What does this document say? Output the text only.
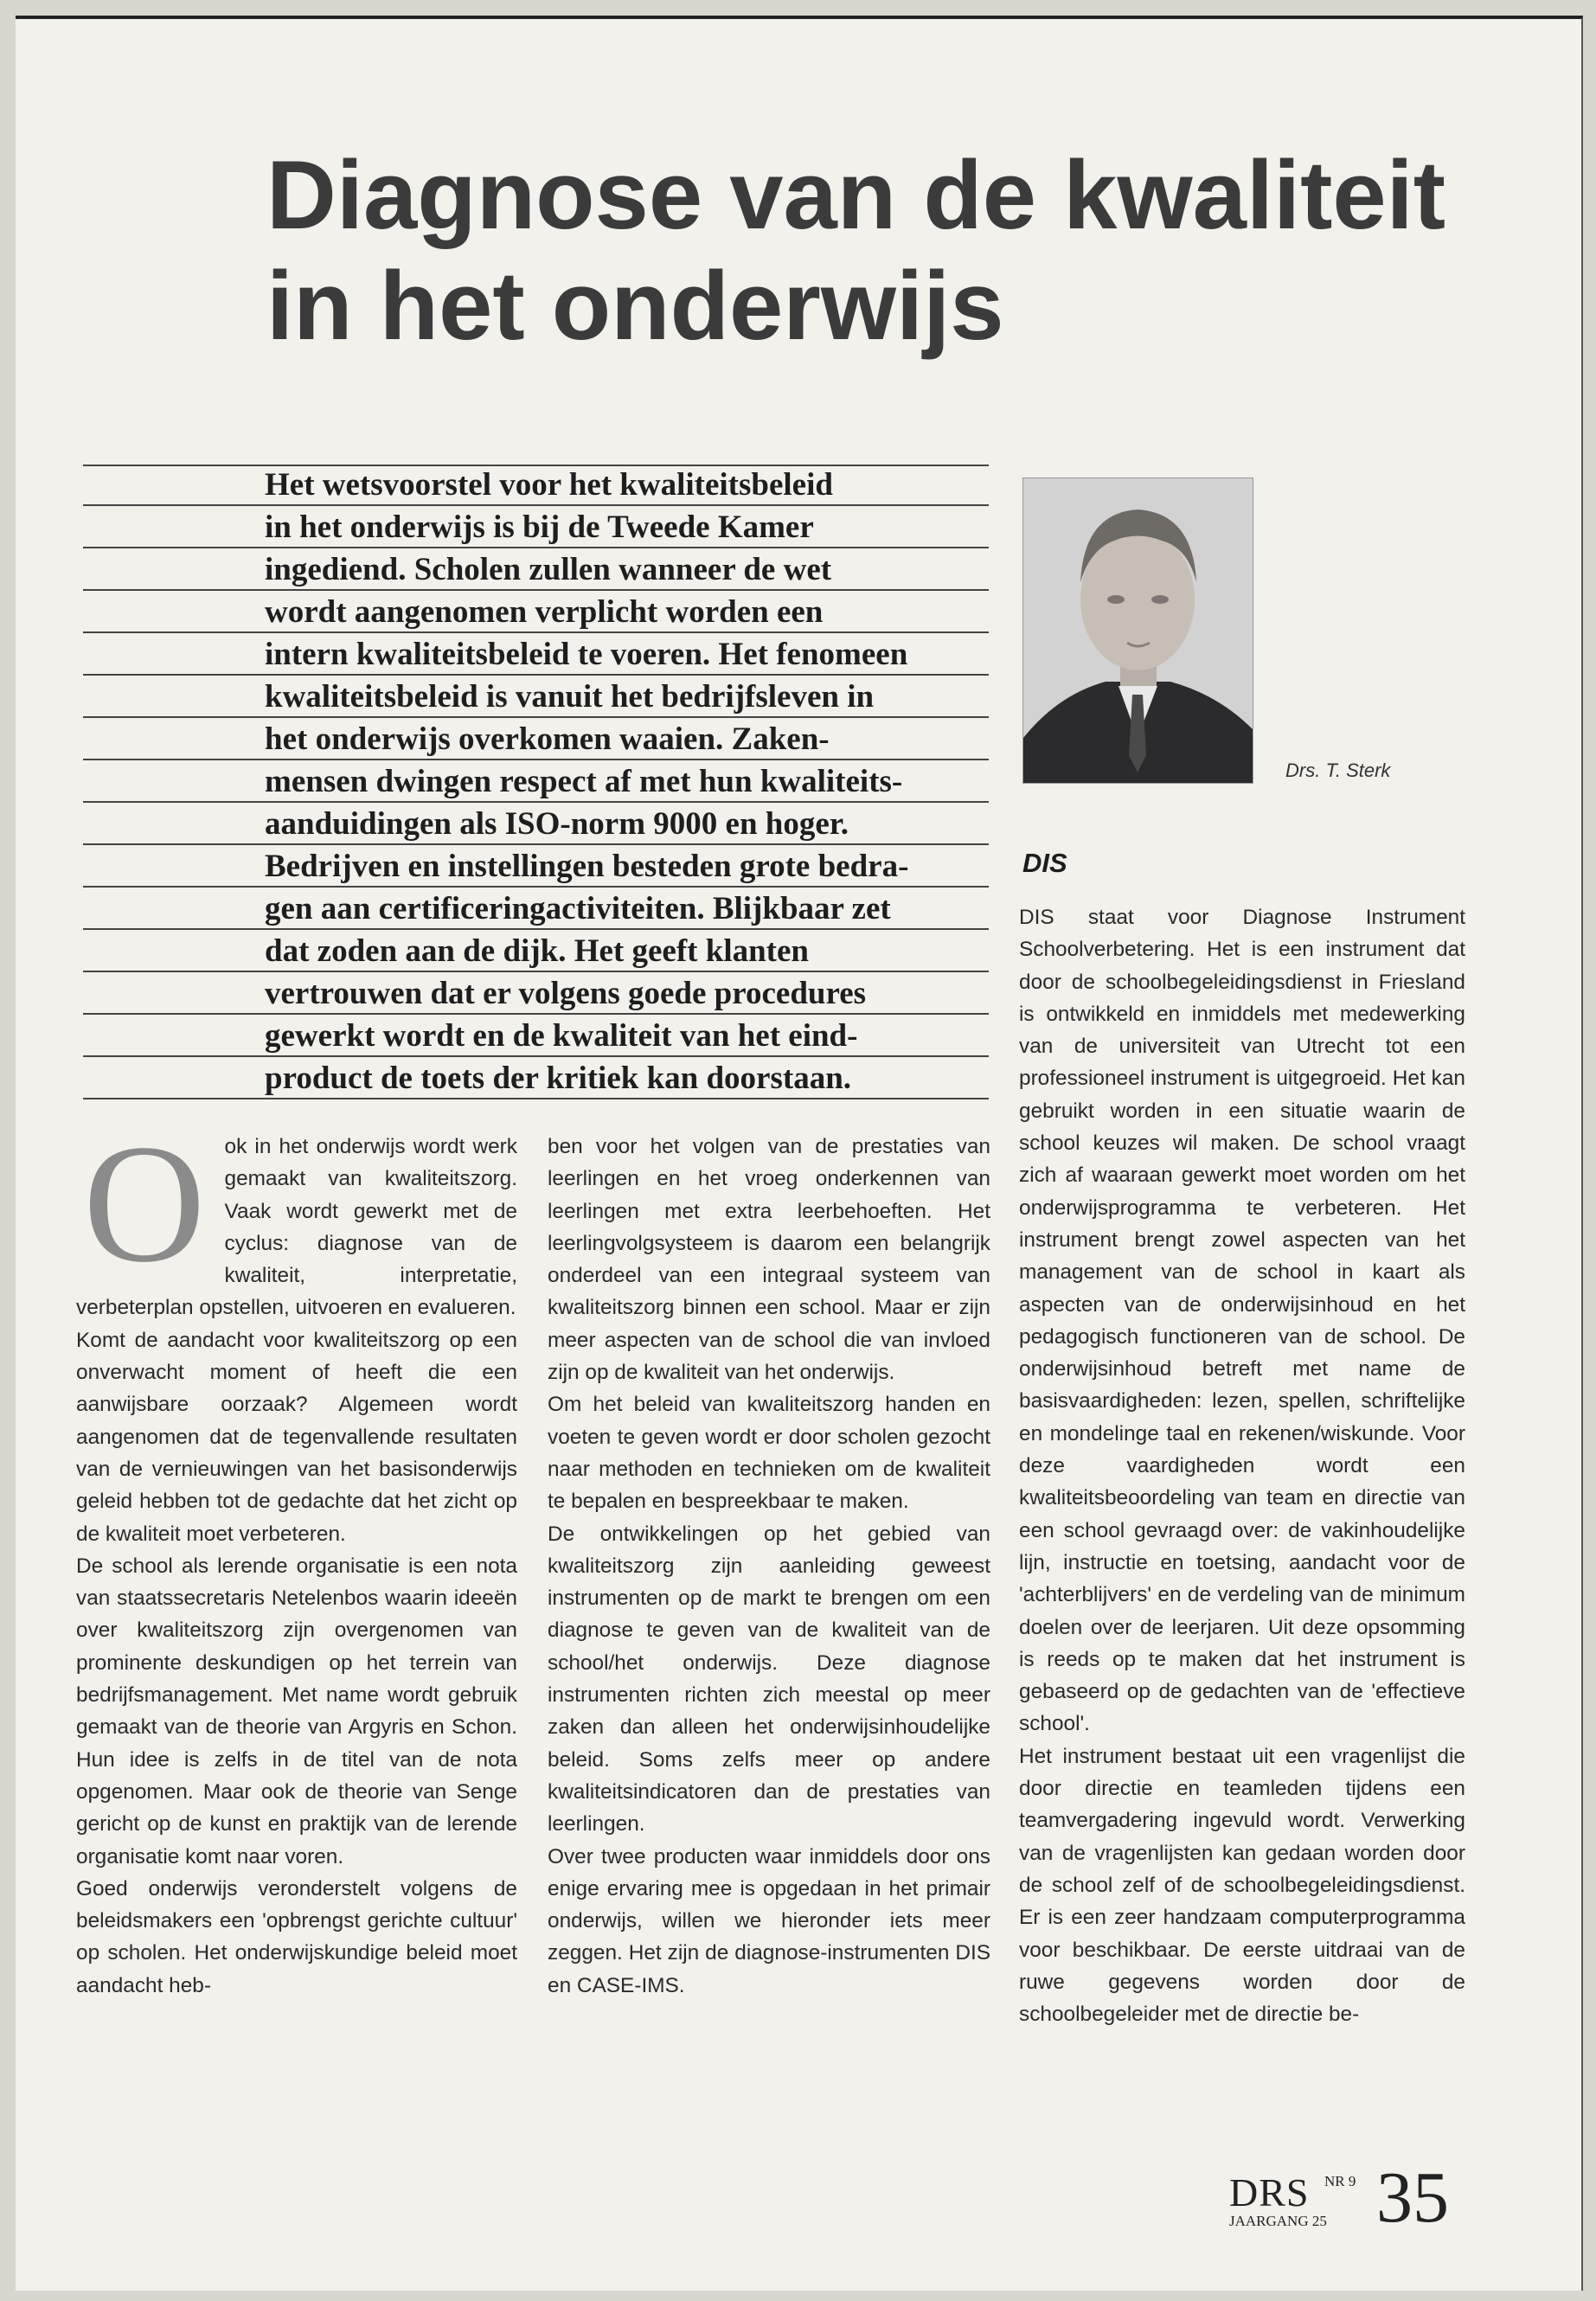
Diagnose van de kwaliteit
in het onderwijs
Het wetsvoorstel voor het kwaliteitsbeleid
in het onderwijs is bij de Tweede Kamer
ingediend. Scholen zullen wanneer de wet
wordt aangenomen verplicht worden een
intern kwaliteitsbeleid te voeren. Het fenomeen
kwaliteitsbeleid is vanuit het bedrijfsleven in
het onderwijs overkomen waaien. Zaken-
mensen dwingen respect af met hun kwaliteits-
aanduidingen als ISO-norm 9000 en hoger.
Bedrijven en instellingen besteden grote bedra-
gen aan certificeringactiviteiten. Blijkbaar zet
dat zoden aan de dijk. Het geeft klanten
vertrouwen dat er volgens goede procedures
gewerkt wordt en de kwaliteit van het eind-
product de toets der kritiek kan doorstaan.
Drs. T. Sterk
DIS
O ok in het onderwijs wordt werk gemaakt van kwaliteitszorg. Vaak wordt gewerkt met de cyclus: diagnose van de kwaliteit, interpretatie, verbeterplan opstellen, uitvoeren en evalueren.

Komt de aandacht voor kwaliteitszorg op een onverwacht moment of heeft die een aanwijsbare oorzaak? Algemeen wordt aangenomen dat de tegenvallende resultaten van de vernieuwingen van het basisonderwijs geleid hebben tot de gedachte dat het zicht op de kwaliteit moet verbeteren.

De school als lerende organisatie is een nota van staatssecretaris Netelenbos waarin ideeën over kwaliteitszorg zijn overgenomen van prominente deskundigen op het terrein van bedrijfsmanagement. Met name wordt gebruik gemaakt van de theorie van Argyris en Schon. Hun idee is zelfs in de titel van de nota opgenomen. Maar ook de theorie van Senge gericht op de kunst en praktijk van de lerende organisatie komt naar voren.

Goed onderwijs veronderstelt volgens de beleidsmakers een 'opbrengst gerichte cultuur' op scholen. Het onderwijskundige beleid moet aandacht heb-

ben voor het volgen van de prestaties van leerlingen en het vroeg onderkennen van leerlingen met extra leerbehoeften. Het leerlingvolgsysteem is daarom een belangrijk onderdeel van een integraal systeem van kwaliteitszorg binnen een school. Maar er zijn meer aspecten van de school die van invloed zijn op de kwaliteit van het onderwijs.

Om het beleid van kwaliteitszorg handen en voeten te geven wordt er door scholen gezocht naar methoden en technieken om de kwaliteit te bepalen en bespreekbaar te maken.

De ontwikkelingen op het gebied van kwaliteitszorg zijn aanleiding geweest instrumenten op de markt te brengen om een diagnose te geven van de kwaliteit van de school/het onderwijs. Deze diagnose instrumenten richten zich meestal op meer zaken dan alleen het onderwijsinhoudelijke beleid. Soms zelfs meer op andere kwaliteitsindicatoren dan de prestaties van leerlingen.

Over twee producten waar inmiddels door ons enige ervaring mee is opgedaan in het primair onderwijs, willen we hieronder iets meer zeggen. Het zijn de diagnose-instrumenten DIS en CASE-IMS.

DIS staat voor Diagnose Instrument Schoolverbetering. Het is een instrument dat door de schoolbegeleidingsdienst in Friesland is ontwikkeld en inmiddels met medewerking van de universiteit van Utrecht tot een professioneel instrument is uitgegroeid. Het kan gebruikt worden in een situatie waarin de school keuzes wil maken. De school vraagt zich af waaraan gewerkt moet worden om het onderwijsprogramma te verbeteren. Het instrument brengt zowel aspecten van het management van de school in kaart als aspecten van de onderwijsinhoud en het pedagogisch functioneren van de school. De onderwijsinhoud betreft met name de basisvaardigheden: lezen, spellen, schriftelijke en mondelinge taal en rekenen/wiskunde. Voor deze vaardigheden wordt een kwaliteitsbeoordeling van team en directie van een school gevraagd over: de vakinhoudelijke lijn, instructie en toetsing, aandacht voor de 'achterblijvers' en de verdeling van de minimum doelen over de leerjaren. Uit deze opsomming is reeds op te maken dat het instrument is gebaseerd op de gedachten van de 'effectieve school'.

Het instrument bestaat uit een vragenlijst die door directie en teamleden tijdens een teamvergadering ingevuld wordt. Verwerking van de vragenlijsten kan gedaan worden door de school zelf of de schoolbegeleidingsdienst. Er is een zeer handzaam computerprogramma voor beschikbaar. De eerste uitdraai van de ruwe gegevens worden door de schoolbegeleider met de directie be-

DRS NR 9
JAARGANG 25 35
